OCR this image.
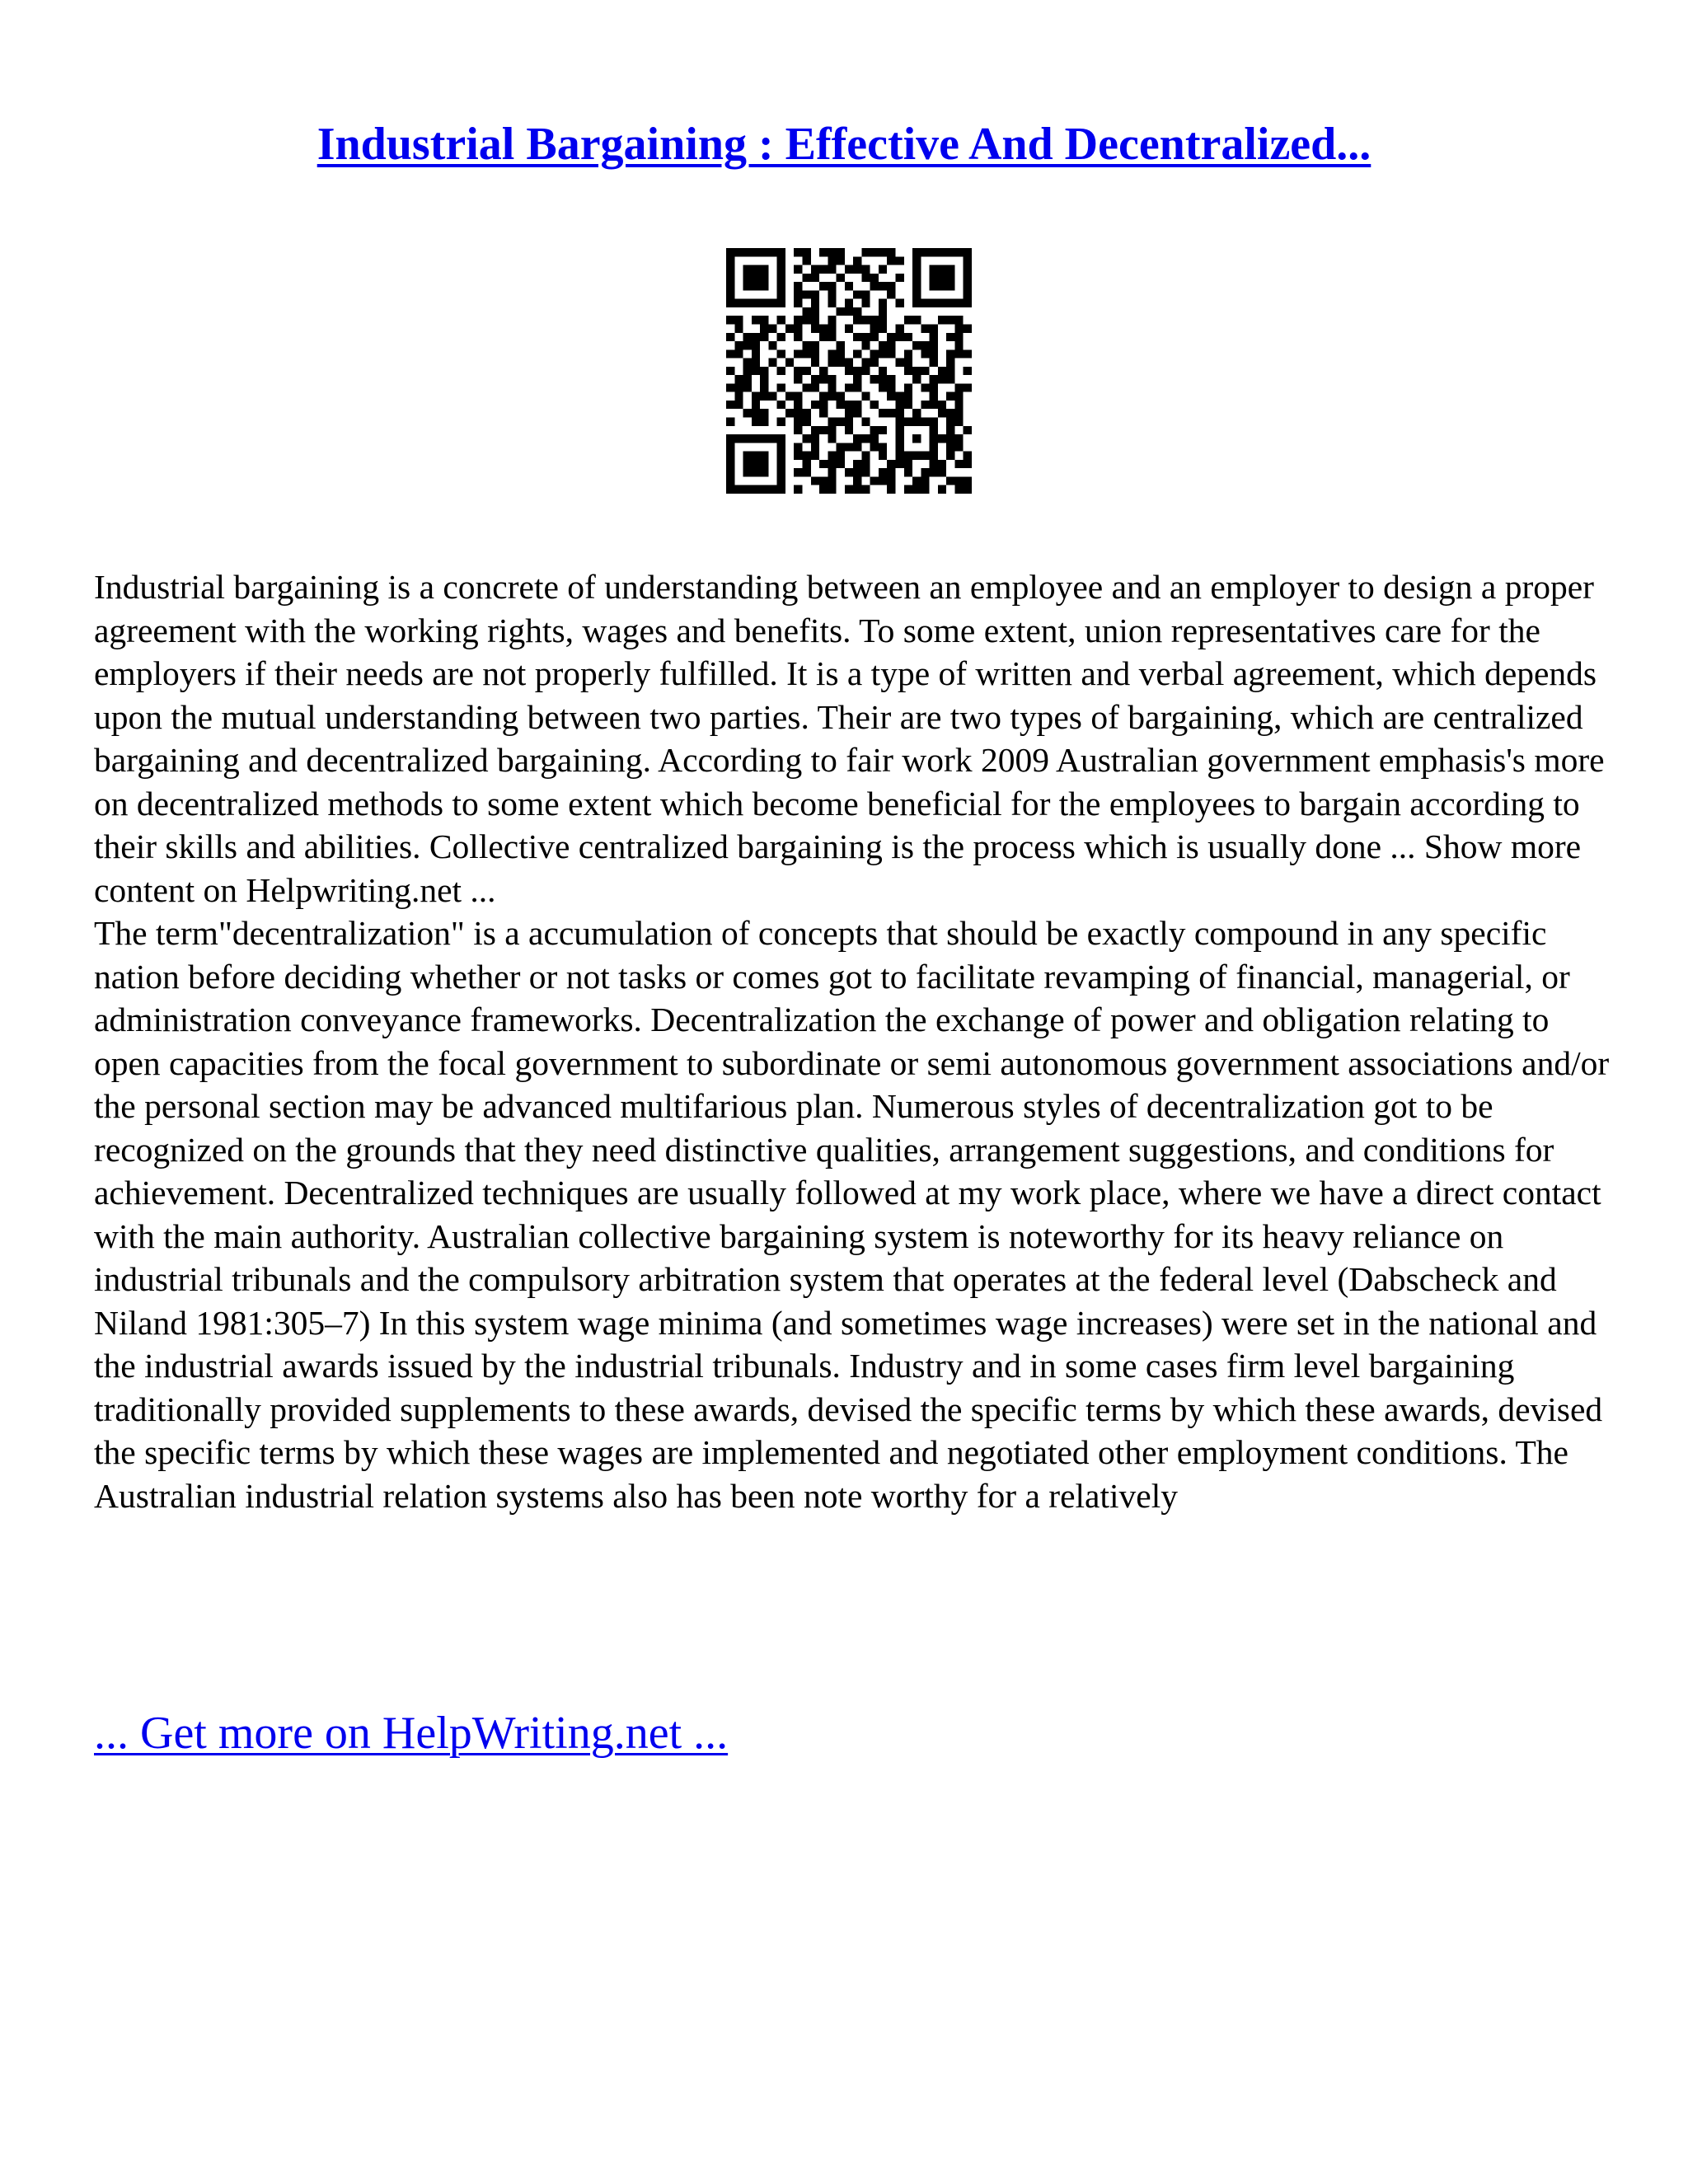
Industrial Bargaining : Effective And Decentralized...

Industrial bargaining is a concrete of understanding between an employee and an employer to design a proper agreement with the working rights, wages and benefits. To some extent, union representatives care for the employers if their needs are not properly fulfilled. It is a type of written and verbal agreement, which depends upon the mutual understanding between two parties. Their are two types of bargaining, which are centralized bargaining and decentralized bargaining. According to fair work 2009 Australian government emphasis's more on decentralized methods to some extent which become beneficial for the employees to bargain according to their skills and abilities. Collective centralized bargaining is the process which is usually done ... Show more content on Helpwriting.net ...

The term"decentralization" is a accumulation of concepts that should be exactly compound in any specific nation before deciding whether or not tasks or comes got to facilitate revamping of financial, managerial, or administration conveyance frameworks. Decentralization the exchange of power and obligation relating to open capacities from the focal government to subordinate or semi autonomous government associations and/or the personal section may be advanced multifarious plan. Numerous styles of decentralization got to be recognized on the grounds that they need distinctive qualities, arrangement suggestions, and conditions for achievement. Decentralized techniques are usually followed at my work place, where we have a direct contact with the main authority. Australian collective bargaining system is noteworthy for its heavy reliance on industrial tribunals and the compulsory arbitration system that operates at the federal level (Dabscheck and Niland 1981:305–7) In this system wage minima (and sometimes wage increases) were set in the national and the industrial awards issued by the industrial tribunals. Industry and in some cases firm level bargaining traditionally provided supplements to these awards, devised the specific terms by which these awards, devised the specific terms by which these wages are implemented and negotiated other employment conditions. The Australian industrial relation systems also has been note worthy for a relatively

... Get more on HelpWriting.net ...
